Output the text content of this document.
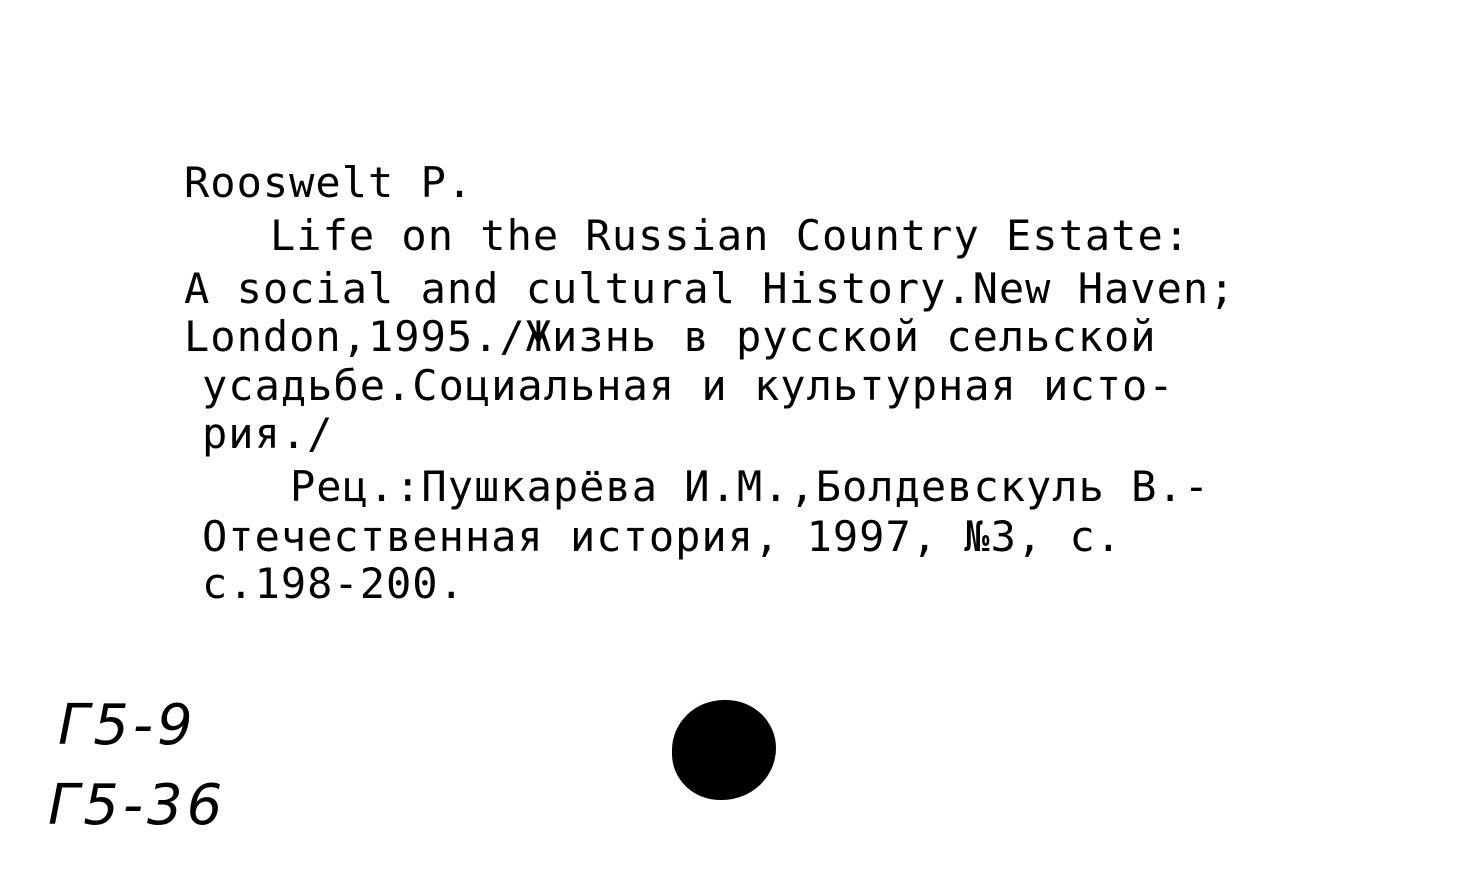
Rooswelt P.
Life on the Russian Country Estate:
A social and cultural History.New Haven;
London,1995./Жизнь в русской сельской
усадьбе.Социальная и культурная исто-
рия./
Рец.:Пушкарёва И.М.,Болдевскуль В.-
Отечественная история, 1997, №3, с.
с.198-200.
Г5-9
Г5-36
